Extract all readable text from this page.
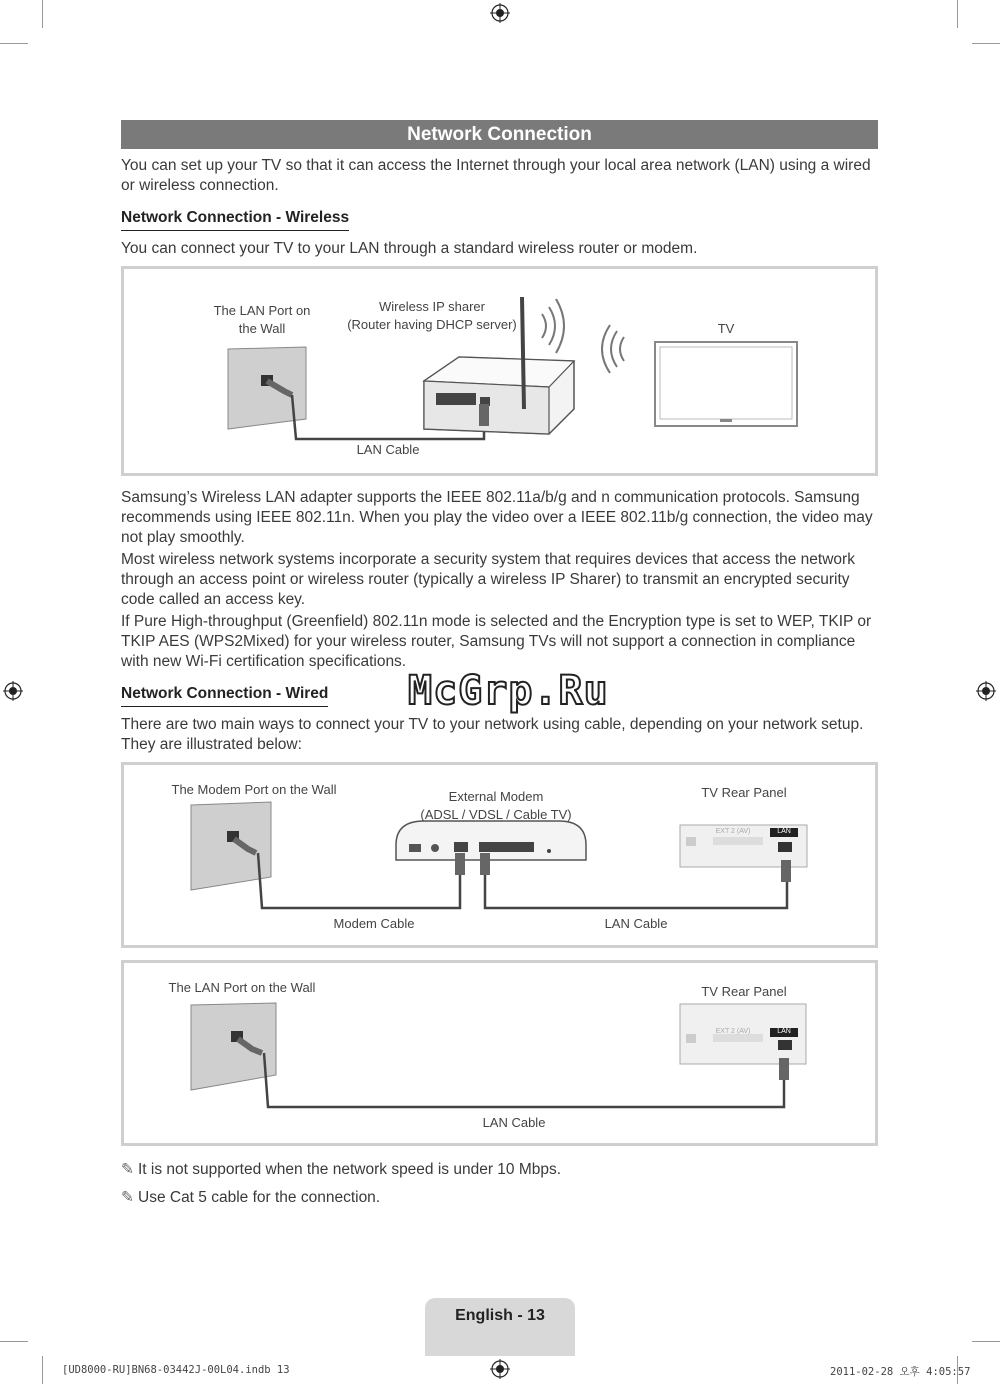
Network Connection
You can set up your TV so that it can access the Internet through your local area network (LAN) using a wired or wireless connection.
Network Connection - Wireless
You can connect your TV to your LAN through a standard wireless router or modem.
The LAN Port on
the Wall
Wireless IP sharer
(Router having DHCP server)	TV
LAN Cable
Samsung’s Wireless LAN adapter supports the IEEE 802.11a/b/g and n communication protocols. Samsung recommends using IEEE 802.11n. When you play the video over a IEEE 802.11b/g connection, the video may not play smoothly.
Most wireless network systems incorporate a security system that requires devices that access the network through an access point or wireless router (typically a wireless IP Sharer) to transmit an encrypted security code called an access key.
If Pure High-throughput (Greenfield) 802.11n mode is selected and the Encryption type is set to WEP, TKIP or TKIP AES (WPS2Mixed) for your wireless router, Samsung TVs will not support a connection in compliance with new Wi-Fi certification specifications.
Network Connection - Wired McGrp.Ru
There are two main ways to connect your TV to your network using cable, depending on your network setup. They are illustrated below:
The Modem Port on the Wall	External Modem
(ADSL / VDSL / Cable TV)
TV Rear Panel
EXT 2 (AV)	LAN
Modem Cable	LAN Cable
The LAN Port on the Wall	TV Rear Panel
EXT 2 (AV)	LAN
LAN Cable
✎ It is not supported when the network speed is under 10 Mbps.
✎ Use Cat 5 cable for the connection.
English - 13
[UD8000-RU]BN68-03442J-00L04.indb 13	2011-02-28 오후 4:05:57
